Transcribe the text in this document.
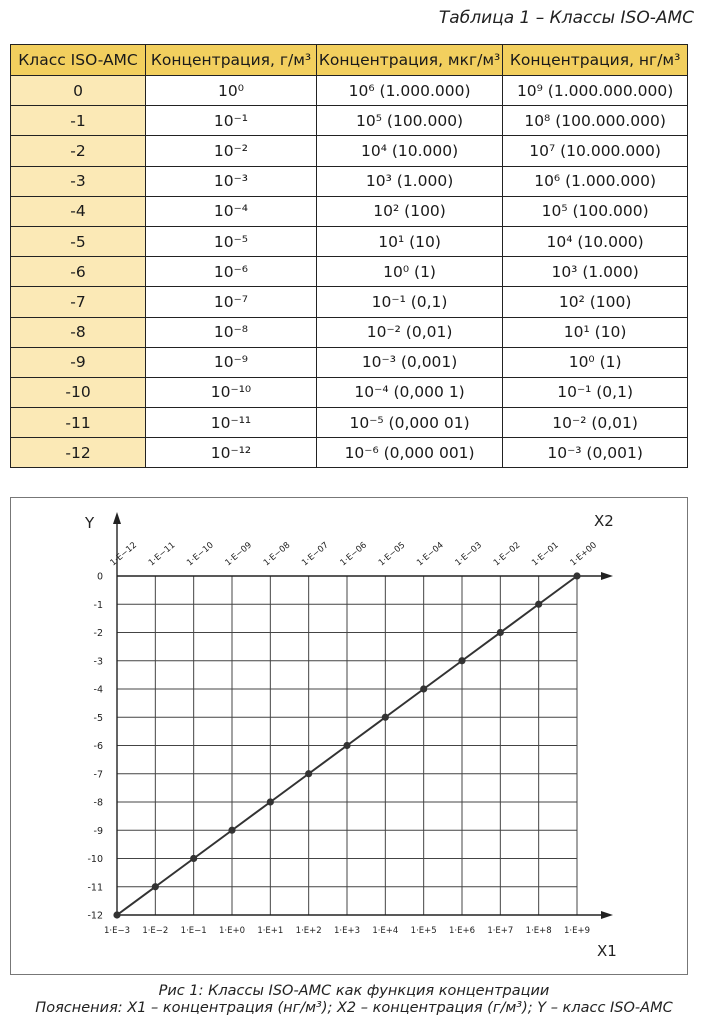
Таблица 1 – Классы ISO-AMC
Класс ISO-AMC	Концентрация, г/м³	Концентрация, мкг/м³	Концентрация, нг/м³
0	10⁰	10⁶ (1.000.000)	10⁹ (1.000.000.000)
-1	10⁻¹	10⁵ (100.000)	10⁸ (100.000.000)
-2	10⁻²	10⁴ (10.000)	10⁷ (10.000.000)
-3	10⁻³	10³ (1.000)	10⁶ (1.000.000)
-4	10⁻⁴	10² (100)	10⁵ (100.000)
-5	10⁻⁵	10¹ (10)	10⁴ (10.000)
-6	10⁻⁶	10⁰ (1)	10³ (1.000)
-7	10⁻⁷	10⁻¹ (0,1)	10² (100)
-8	10⁻⁸	10⁻² (0,01)	10¹ (10)
-9	10⁻⁹	10⁻³ (0,001)	10⁰ (1)
-10	10⁻¹⁰	10⁻⁴ (0,000 1)	10⁻¹ (0,1)
-11	10⁻¹¹	10⁻⁵ (0,000 01)	10⁻² (0,01)
-12	10⁻¹²	10⁻⁶ (0,000 001)	10⁻³ (0,001)
0
-1
-2
-3
-4
-5
-6
-7
-8
-9
-10
-11
-12
1·E−3 1·E−2 1·E−1 1·E+0 1·E+1 1·E+2 1·E+3 1·E+4 1·E+5 1·E+6 1·E+7 1·E+8 1·E+9
1·E−12 1·E−11 1·E−10 1·E−09 1·E−08 1·E−07 1·E−06 1·E−05 1·E−04 1·E−03 1·E−02 1·E−01 1·E+00
Y	X2
X1
Рис 1: Классы ISO-AMC как функция концентрации
Пояснения: X1 – концентрация (нг/м³); X2 – концентрация (г/м³); Y – класс ISO-AMC
